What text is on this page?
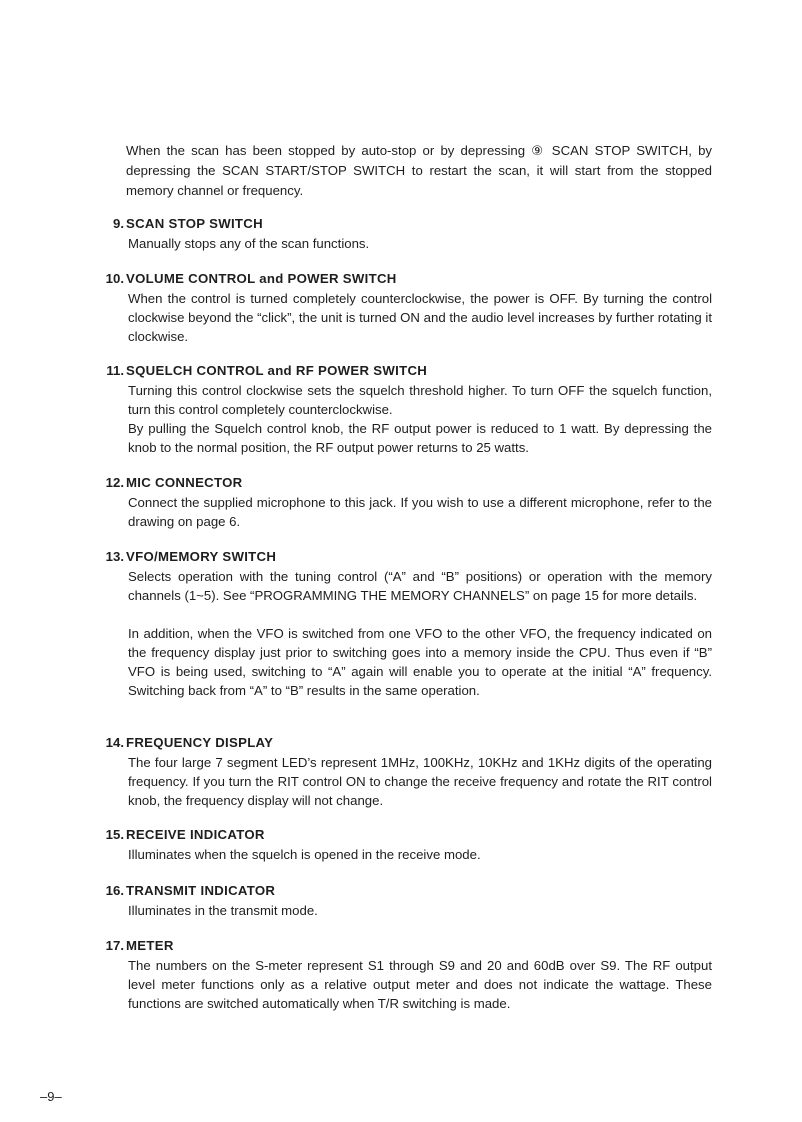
When the scan has been stopped by auto-stop or by depressing ⑨ SCAN STOP SWITCH, by depressing the SCAN START/STOP SWITCH to restart the scan, it will start from the stopped memory channel or frequency.

9. SCAN STOP SWITCH

Manually stops any of the scan functions.

10. VOLUME CONTROL and POWER SWITCH

When the control is turned completely counterclockwise, the power is OFF. By turning the control clockwise beyond the “click”, the unit is turned ON and the audio level increases by further rotating it clockwise.

11. SQUELCH CONTROL and RF POWER SWITCH

Turning this control clockwise sets the squelch threshold higher. To turn OFF the squelch function, turn this control completely counterclockwise.

By pulling the Squelch control knob, the RF output power is reduced to 1 watt. By depressing the knob to the normal position, the RF output power returns to 25 watts.

12. MIC CONNECTOR

Connect the supplied microphone to this jack. If you wish to use a different microphone, refer to the drawing on page 6.

13. VFO/MEMORY SWITCH

Selects operation with the tuning control (“A” and “B” positions) or operation with the memory channels (1~5). See “PROGRAMMING THE MEMORY CHANNELS” on page 15 for more details.

In addition, when the VFO is switched from one VFO to the other VFO, the frequency indicated on the frequency display just prior to switching goes into a memory inside the CPU. Thus even if “B” VFO is being used, switching to “A” again will enable you to operate at the initial “A” frequency. Switching back from “A” to “B” results in the same operation.

14. FREQUENCY DISPLAY

The four large 7 segment LED’s represent 1MHz, 100KHz, 10KHz and 1KHz digits of the operating frequency. If you turn the RIT control ON to change the receive frequency and rotate the RIT control knob, the frequency display will not change.

15. RECEIVE INDICATOR

Illuminates when the squelch is opened in the receive mode.

16. TRANSMIT INDICATOR

Illuminates in the transmit mode.

17. METER

The numbers on the S-meter represent S1 through S9 and 20 and 60dB over S9. The RF output level meter functions only as a relative output meter and does not indicate the wattage. These functions are switched automatically when T/R switching is made.

–9–
